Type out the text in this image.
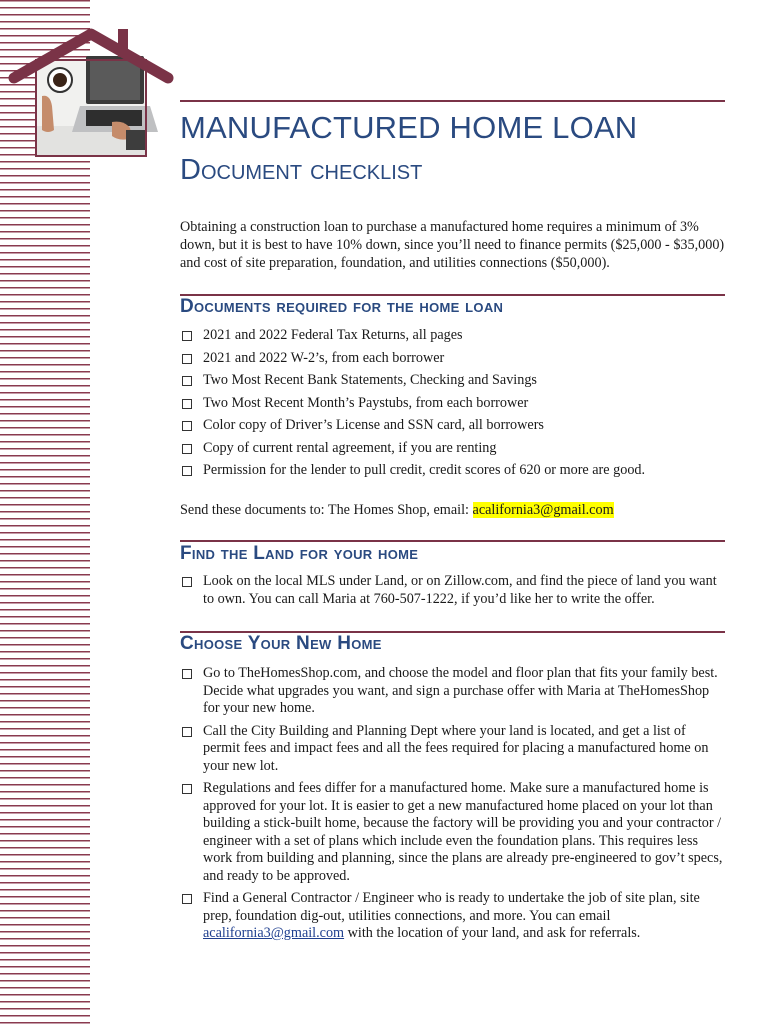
MANUFACTURED HOME LOAN
Document checklist

Obtaining a construction loan to purchase a manufactured home requires a minimum of 3% down, but it is best to have 10% down, since you’ll need to finance permits ($25,000 - $35,000) and cost of site preparation, foundation, and utilities connections ($50,000).

Documents required for the home loan
2021 and 2022 Federal Tax Returns, all pages
2021 and 2022 W-2’s, from each borrower
Two Most Recent Bank Statements, Checking and Savings
Two Most Recent Month’s Paystubs, from each borrower
Color copy of Driver’s License and SSN card, all borrowers
Copy of current rental agreement, if you are renting
Permission for the lender to pull credit, credit scores of 620 or more are good.
Send these documents to: The Homes Shop, email: acalifornia3@gmail.com
Find the Land for your home
Look on the local MLS under Land, or on Zillow.com, and find the piece of land you want to own. You can call Maria at 760-507-1222, if you’d like her to write the offer.
Choose Your New Home
Go to TheHomesShop.com, and choose the model and floor plan that fits your family best. Decide what upgrades you want, and sign a purchase offer with Maria at TheHomesShop for your new home.
Call the City Building and Planning Dept where your land is located, and get a list of permit fees and impact fees and all the fees required for placing a manufactured home on your new lot.
Regulations and fees differ for a manufactured home. Make sure a manufactured home is approved for your lot. It is easier to get a new manufactured home placed on your lot than building a stick-built home, because the factory will be providing you and your contractor / engineer with a set of plans which include even the foundation plans. This requires less work from building and planning, since the plans are already pre-engineered to gov’t specs, and ready to be approved.
Find a General Contractor / Engineer who is ready to undertake the job of site plan, site prep, foundation dig-out, utilities connections, and more. You can email acalifornia3@gmail.com with the location of your land, and ask for referrals.
